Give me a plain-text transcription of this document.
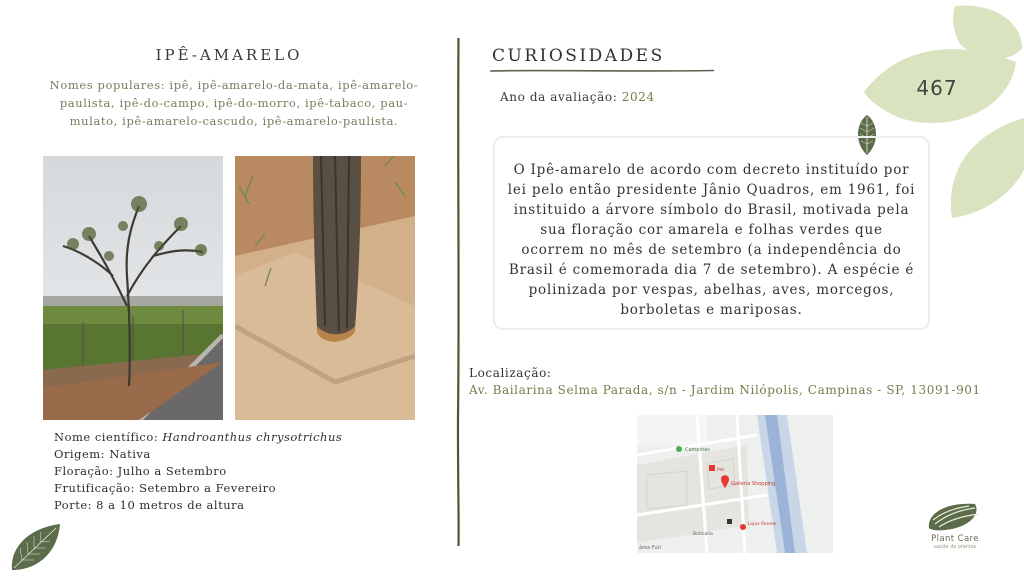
IPÊ-AMARELO
Nomes populares: ipê, ipê-amarelo-da-mata, ipê-amarelo-paulista, ipê-do-campo, ipê-do-morro, ipê-tabaco, pau-mulato, ipê-amarelo-cascudo, ipê-amarelo-paulista.
Nome científico: Handroanthus chrysotrichus
Origem: Nativa
Floração: Julho a Setembro
Frutificação: Setembro a Fevereiro
Porte: 8 a 10 metros de altura
CURIOSIDADES
Ano da avaliação: 2024
O Ipê-amarelo de acordo com decreto instituído por lei pelo então presidente Jânio Quadros, em 1961, foi instituido a árvore símbolo do Brasil, motivada pela sua floração cor amarela e folhas verdes que ocorrem no mês de setembro (a independência do Brasil é comemorada dia 7 de setembro). A espécie é polinizada por vespas, abelhas, aves, morcegos, borboletas e mariposas.
Localização:
Av. Bailarina Selma Parada, s/n - Jardim Nilópolis, Campinas - SP, 13091-901
Campinas
Pet
Galleria Shopping
Boticário
Lojas Renner
área Futi
467
Plant Care
saúde de plantas
